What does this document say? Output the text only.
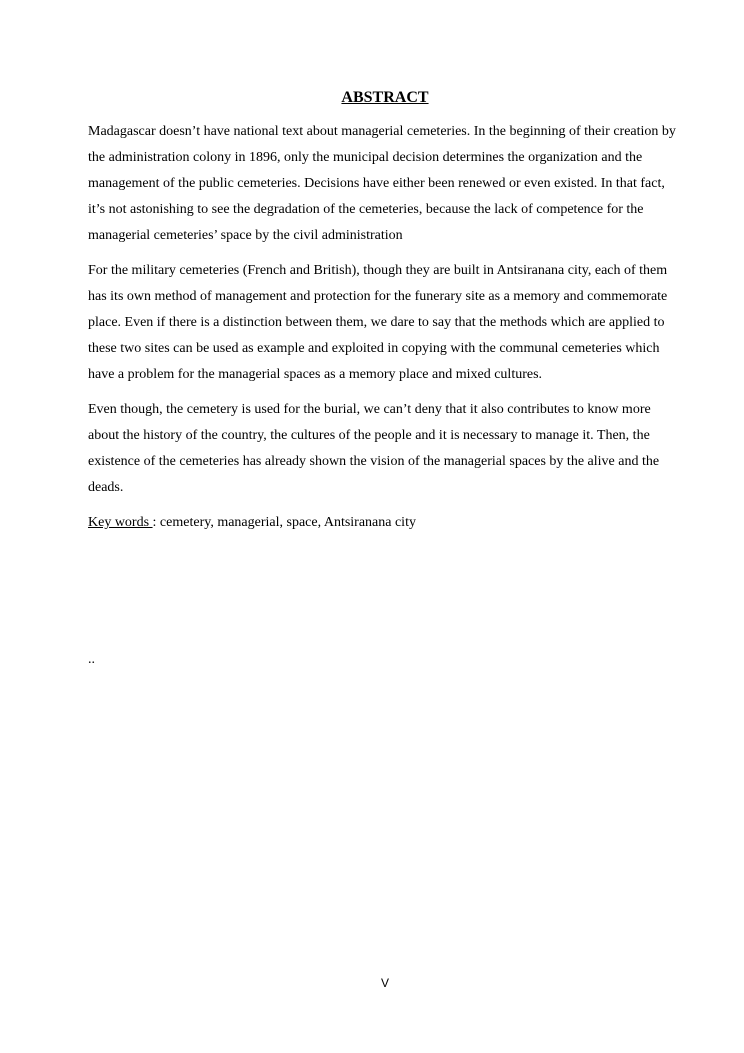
ABSTRACT

Madagascar doesn’t have national text about managerial cemeteries. In the beginning of their creation by the administration colony in 1896, only the municipal decision determines the organization and the management of the public cemeteries. Decisions have either been renewed or even existed. In that fact, it’s not astonishing to see the degradation of the cemeteries, because the lack of competence for the managerial cemeteries’ space by the civil administration

For the military cemeteries (French and British), though they are built in Antsiranana city, each of them has its own method of management and protection for the funerary site as a memory and commemorate place. Even if there is a distinction between them, we dare to say that the methods which are applied to these two sites can be used as example and exploited in copying with the communal cemeteries which have a problem for the managerial spaces as a memory place and mixed cultures.

Even though, the cemetery is used for the burial, we can’t deny that it also contributes to know more about the history of the country, the cultures of the people and it is necessary to manage it. Then, the existence of the cemeteries has already shown the vision of the managerial spaces by the alive and the deads.

Key words : cemetery, managerial, space, Antsiranana city

..
V
